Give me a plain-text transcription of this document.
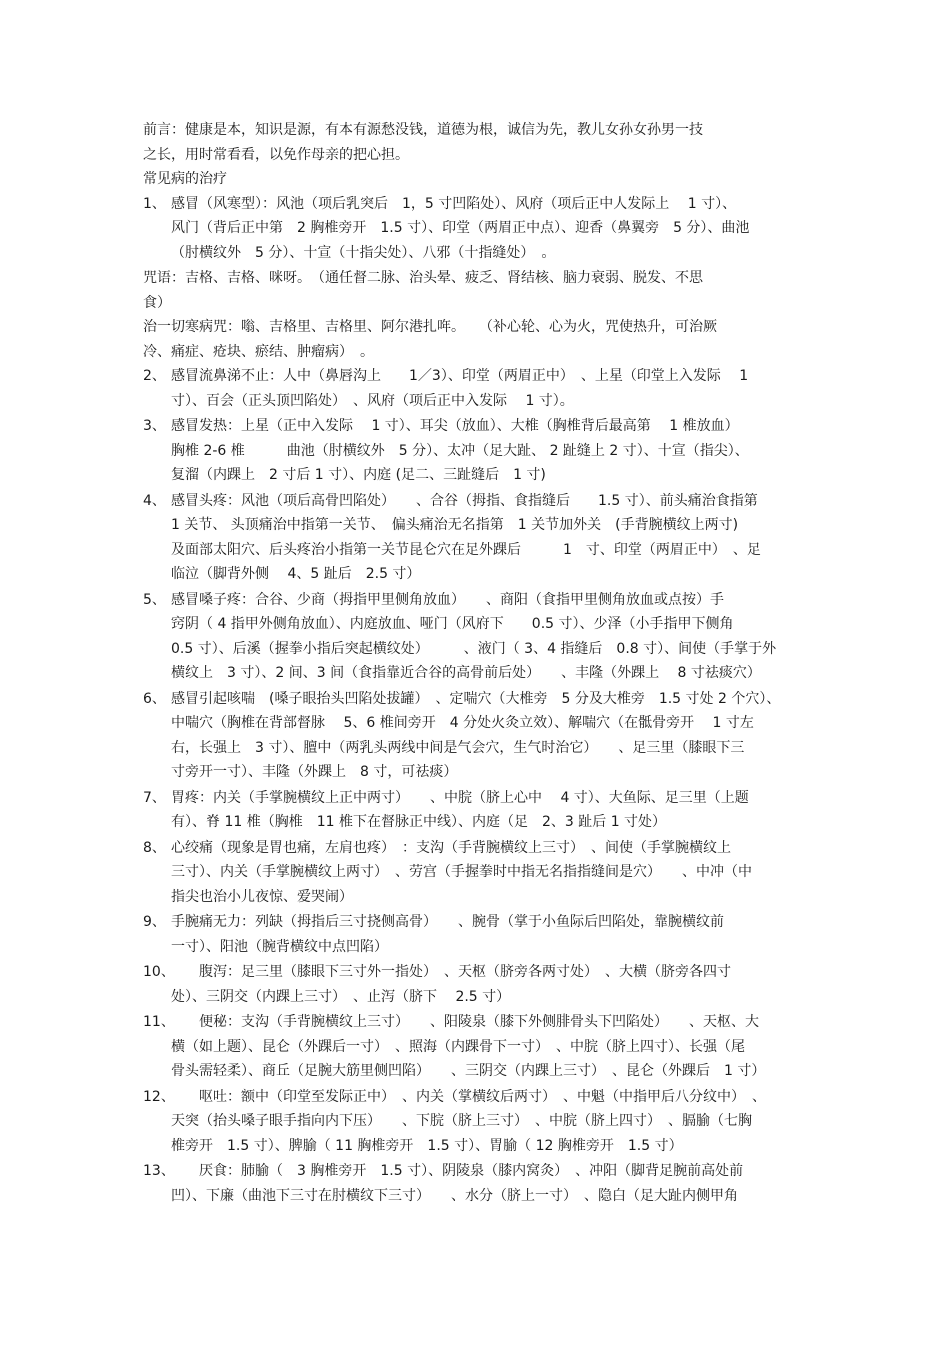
前言：健康是本，知识是源，有本有源愁没钱，道德为根，诚信为先，教儿女孙女孙男一技
之长，用时常看看，以免作母亲的把心担。
常见病的治疗
1、 感冒（风寒型）：风池（项后乳突后　1，5 寸凹陷处）、风府（项后正中人发际上　 1 寸）、
风门（背后正中第　2 胸椎旁开　1.5 寸）、印堂（两眉正中点）、迎香（鼻翼旁　5 分）、曲池
（肘横纹外　5 分）、十宣（十指尖处）、八邪（十指缝处）　。
咒语：吉格、吉格、咪呀。　（通任督二脉、治头晕、疲乏、肾结核、脑力衰弱、脱发、不思
食）
治一切寒病咒：嗡、吉格里、吉格里、阿尔港扎哖。　　（补心轮、心为火，咒使热升，可治厥
冷、痛症、疮块、瘀结、肿瘤病）　。
2、 感冒流鼻涕不止：人中（鼻唇沟上　　1／3）、印堂（两眉正中）　、上星（印堂上入发际　 1
寸）、百会（正头顶凹陷处）　、风府（项后正中入发际　 1 寸）。
3、 感冒发热：上星（正中入发际　 1 寸）、耳尖（放血）、大椎（胸椎背后最高第　 1 椎放血）
胸椎 2-6 椎　　　曲池（肘横纹外　5 分）、太冲（足大趾、 2 趾缝上 2 寸）、十宣（指尖）、
复溜（内踝上　2 寸后 1 寸）、内庭 (足二、三趾缝后　1 寸)
4、 感冒头疼：风池（项后高骨凹陷处）　　、合谷（拇指、食指缝后　　1.5 寸）、前头痛治食指第
1 关节、 头顶痛治中指第一关节、　偏头痛治无名指第　1 关节加外关　(手背腕横纹上两寸)
及面部太阳穴、后头疼治小指第一关节昆仑穴在足外踝后　　　1　寸、印堂（两眉正中）　、足
临泣（脚背外侧　 4、5 趾后　2.5 寸）
5、 感冒嗓子疼：合谷、少商（拇指甲里侧角放血）　　、商阳（食指甲里侧角放血或点按）手
窍阴（ 4 指甲外侧角放血）、内庭放血、哑门（风府下　　0.5 寸）、少泽（小手指甲下侧角
0.5 寸）、后溪（握拳小指后突起横纹处）　　　、液门（ 3、4 指缝后　0.8 寸）、间使（手掌于外
横纹上　3 寸）、2 间、3 间（食指靠近合谷的高骨前后处）　　、丰隆（外踝上　 8 寸祛痰穴）
6、 感冒引起咳喘　(嗓子眼抬头凹陷处拔罐）　、定喘穴（大椎旁　5 分及大椎旁　1.5 寸处 2 个穴）、
中喘穴（胸椎在背部督脉　 5、6 椎间旁开　4 分处火灸立效）、解喘穴（在骶骨旁开　 1 寸左
右，长强上　3 寸）、膻中（两乳头两线中间是气会穴，生气时治它）　　、足三里（膝眼下三
寸旁开一寸）、丰隆（外踝上　8 寸，可祛痰）
7、 胃疼：内关（手掌腕横纹上正中两寸）　　、中脘（脐上心中　 4 寸）、大鱼际、足三里（上题
有）、脊 11 椎（胸椎　11 椎下在督脉正中线）、内庭（足　2、3 趾后 1 寸处）
8、 心绞痛（现象是胃也痛，左肩也疼）　：支沟（手背腕横纹上三寸）　、间使（手掌腕横纹上
三寸）、内关（手掌腕横纹上两寸）　、劳宫（手握拳时中指无名指指缝间是穴）　　、中冲（中
指尖也治小儿夜惊、爱哭闹）
9、 手腕痛无力：列缺（拇指后三寸挠侧高骨）　　、腕骨（掌于小鱼际后凹陷处，靠腕横纹前
一寸）、阳池（腕背横纹中点凹陷）
10、
　　腹泻：足三里（膝眼下三寸外一指处）　、天枢（脐旁各两寸处）　、大横（脐旁各四寸
处）、三阴交（内踝上三寸）　、止泻（脐下　 2.5 寸）
11、
　　便秘：支沟（手背腕横纹上三寸）　　、阳陵泉（膝下外侧腓骨头下凹陷处）　　、天枢、大
横（如上题）、昆仑（外踝后一寸）　、照海（内踝骨下一寸）　、中脘（脐上四寸）、长强（尾
骨头需轻柔）、商丘（足腕大筋里侧凹陷）　　、三阴交（内踝上三寸）　、昆仑（外踝后　1 寸）
12、
　　呕吐：额中（印堂至发际正中）　、内关（掌横纹后两寸）　、中魁（中指甲后八分纹中）　、
天突（抬头嗓子眼手指向内下压）　　、下脘（脐上三寸）　、中脘（脐上四寸）　、膈腧（七胸
椎旁开　1.5 寸）、脾腧（ 11 胸椎旁开　1.5 寸）、胃腧（ 12 胸椎旁开　1.5 寸）
13、
　　厌食：肺腧（　3 胸椎旁开　1.5 寸）、阴陵泉（膝内窝灸）　、冲阳（脚背足腕前高处前
凹）、下廉（曲池下三寸在肘横纹下三寸）　　、水分（脐上一寸）　、隐白（足大趾内侧甲角
